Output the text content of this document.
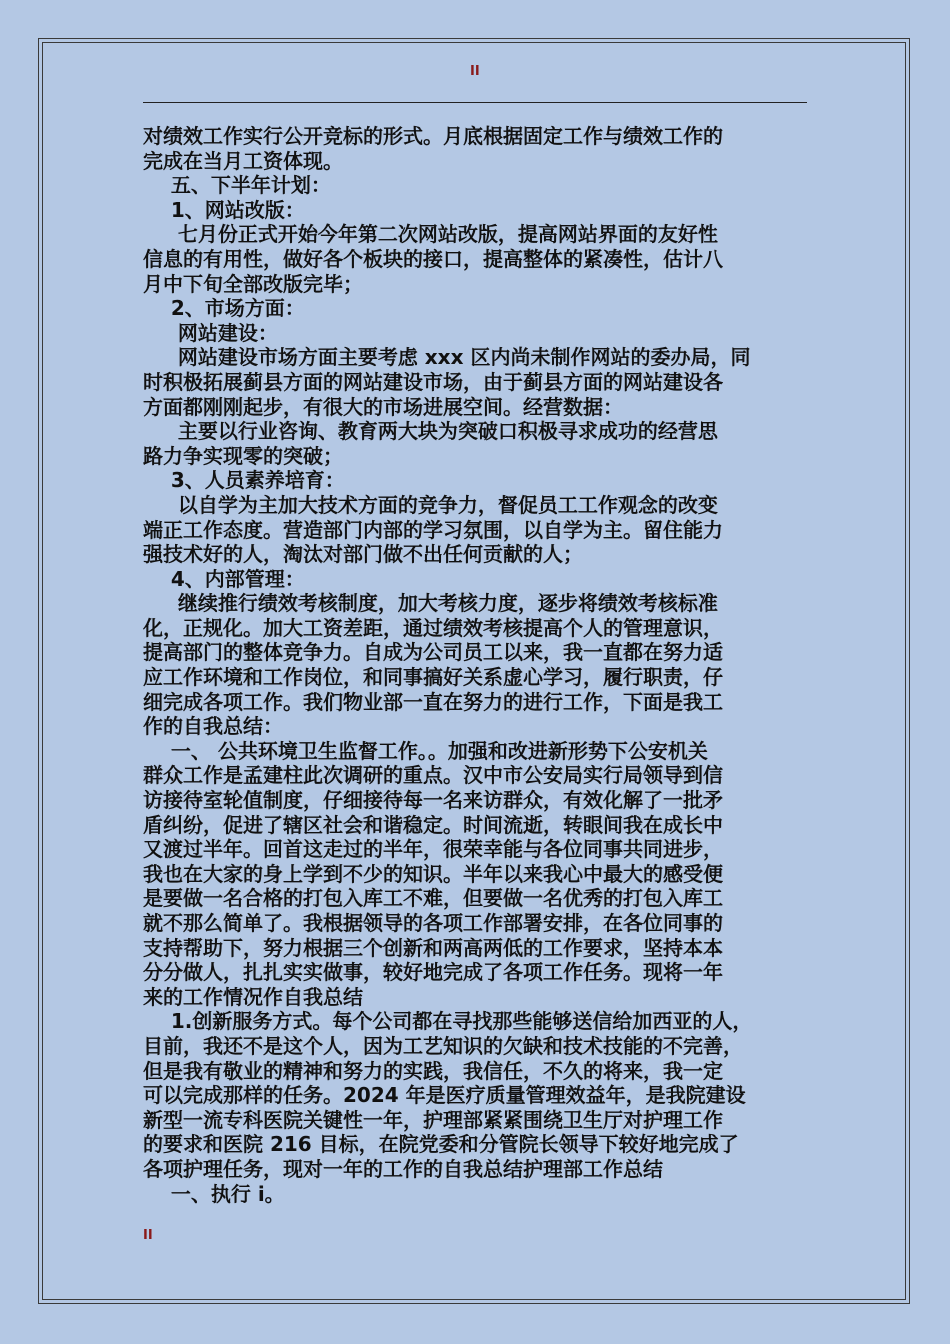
II

对绩效工作实行公开竞标的形式。月底根据固定工作与绩效工作的

完成在当月工资体现。

五、下半年计划：

1、网站改版：

七月份正式开始今年第二次网站改版，提高网站界面的友好性

信息的有用性，做好各个板块的接口，提高整体的紧凑性，估计八

月中下旬全部改版完毕；

2、市场方面：

网站建设：

网站建设市场方面主要考虑 xxx 区内尚未制作网站的委办局，同

时积极拓展蓟县方面的网站建设市场，由于蓟县方面的网站建设各

方面都刚刚起步，有很大的市场进展空间。经营数据：

主要以行业咨询、教育两大块为突破口积极寻求成功的经营思

路力争实现零的突破；

3、人员素养培育：

以自学为主加大技术方面的竞争力，督促员工工作观念的改变

端正工作态度。营造部门内部的学习氛围，以自学为主。留住能力

强技术好的人，淘汰对部门做不出任何贡献的人；

4、内部管理：

继续推行绩效考核制度，加大考核力度，逐步将绩效考核标准

化，正规化。加大工资差距，通过绩效考核提高个人的管理意识，

提高部门的整体竞争力。自成为公司员工以来，我一直都在努力适

应工作环境和工作岗位，和同事搞好关系虚心学习，履行职责，仔

细完成各项工作。我们物业部一直在努力的进行工作，下面是我工

作的自我总结：

一、 公共环境卫生监督工作。。加强和改进新形势下公安机关

群众工作是孟建柱此次调研的重点。汉中市公安局实行局领导到信

访接待室轮值制度，仔细接待每一名来访群众，有效化解了一批矛

盾纠纷，促进了辖区社会和谐稳定。时间流逝，转眼间我在成长中

又渡过半年。回首这走过的半年，很荣幸能与各位同事共同进步，

我也在大家的身上学到不少的知识。半年以来我心中最大的感受便

是要做一名合格的打包入库工不难，但要做一名优秀的打包入库工

就不那么简单了。我根据领导的各项工作部署安排，在各位同事的

支持帮助下，努力根据三个创新和两高两低的工作要求，坚持本本

分分做人，扎扎实实做事，较好地完成了各项工作任务。现将一年

来的工作情况作自我总结

1.创新服务方式。每个公司都在寻找那些能够送信给加西亚的人，

目前，我还不是这个人，因为工艺知识的欠缺和技术技能的不完善，

但是我有敬业的精神和努力的实践，我信任，不久的将来，我一定

可以完成那样的任务。2024 年是医疗质量管理效益年，是我院建设

新型一流专科医院关键性一年，护理部紧紧围绕卫生厅对护理工作

的要求和医院 216 目标，在院党委和分管院长领导下较好地完成了

各项护理任务，现对一年的工作的自我总结护理部工作总结

一、执行 i。

II
